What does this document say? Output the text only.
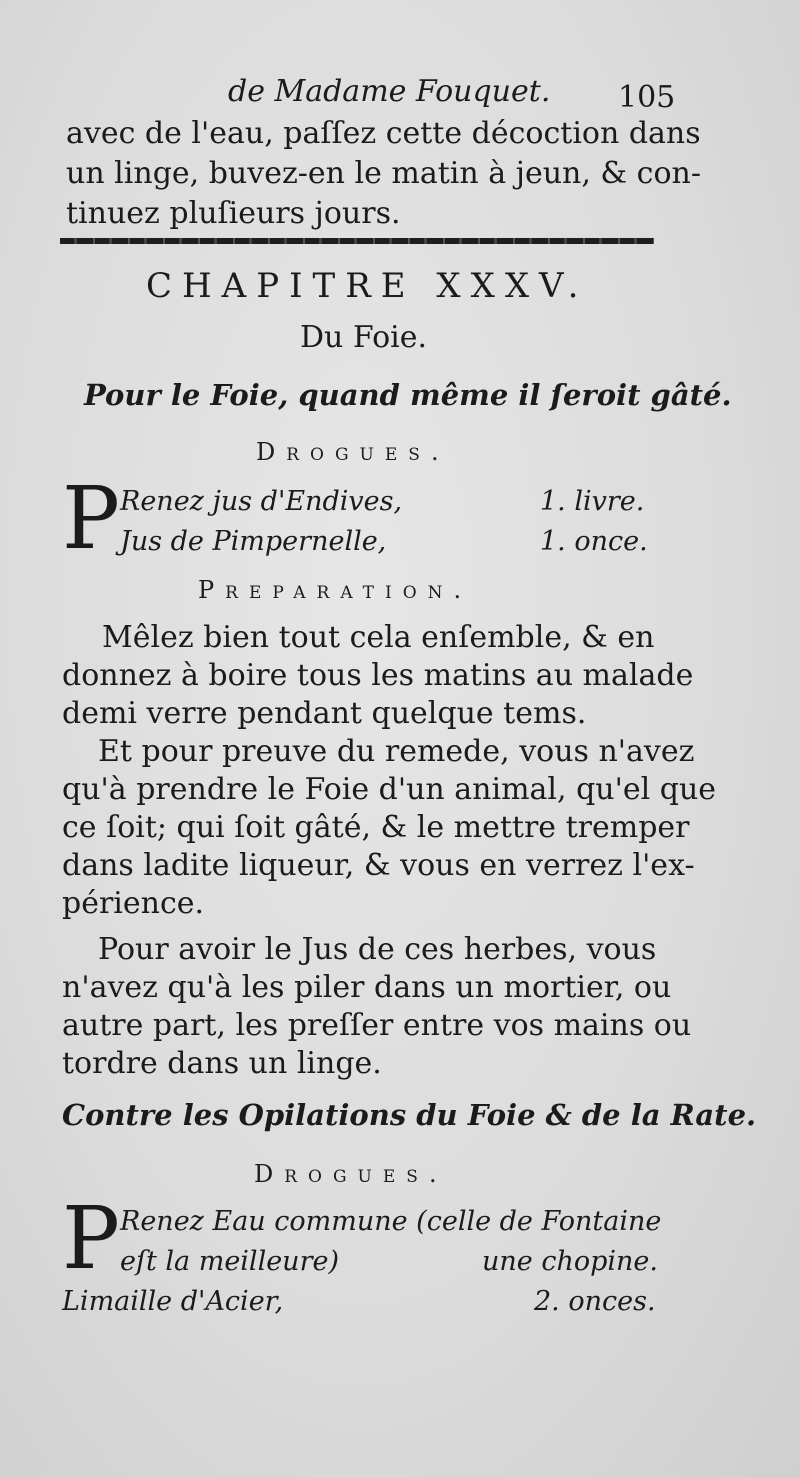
de Madame Fouquet. 105
avec de l'eau, paſſez cette décoction dans
un linge, buvez-en le matin à jeun, & con-
tinuez pluſieurs jours.
CHAPITRE XXXV.
Du Foie.
Pour le Foie, quand même il ſeroit gâté.
Drogues.
P Renez jus d'Endives,	1. livre.
Jus de Pimpernelle,	1. once.
Preparation.
Mêlez bien tout cela enſemble, & en
donnez à boire tous les matins au malade
demi verre pendant quelque tems.
Et pour preuve du remede, vous n'avez
qu'à prendre le Foie d'un animal, qu'el que
ce ſoit; qui ſoit gâté, & le mettre tremper
dans ladite liqueur, & vous en verrez l'ex-
périence.
Pour avoir le Jus de ces herbes, vous
n'avez qu'à les piler dans un mortier, ou
autre part, les preſſer entre vos mains ou
tordre dans un linge.
Contre les Opilations du Foie & de la Rate.
Drogues.
P Renez Eau commune (celle de Fontaine
eſt la meilleure)	une chopine.
Limaille d'Acier,	2. onces.
